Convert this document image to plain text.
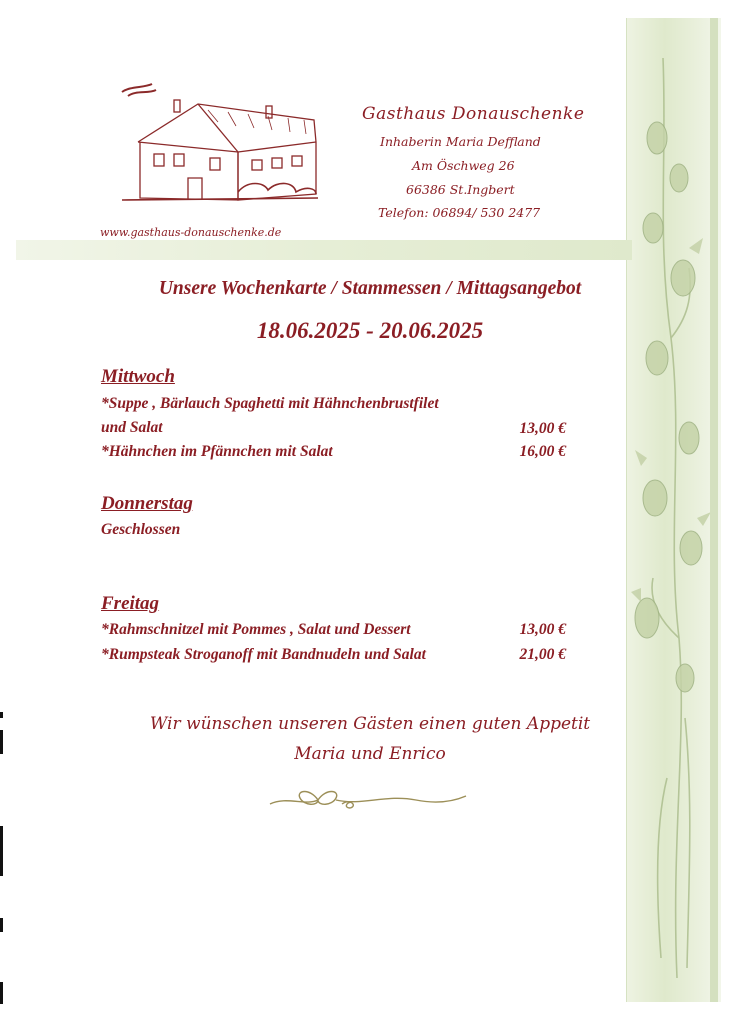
Gasthaus Donauschenke
Inhaberin Maria Deffland
Am Öschweg 26
66386 St.Ingbert
Telefon: 06894/ 530 2477
www.gasthaus-donauschenke.de
Unsere Wochenkarte / Stammessen / Mittagsangebot
18.06.2025 - 20.06.2025
Mittwoch
*Suppe , Bärlauch Spaghetti mit Hähnchenbrustfilet
und Salat	13,00 €
*Hähnchen im Pfännchen mit Salat	16,00 €
Donnerstag
Geschlossen
Freitag
*Rahmschnitzel mit Pommes , Salat und Dessert	13,00 €
*Rumpsteak Stroganoff mit Bandnudeln und Salat	21,00 €
Wir wünschen unseren Gästen einen guten Appetit
Maria und Enrico
